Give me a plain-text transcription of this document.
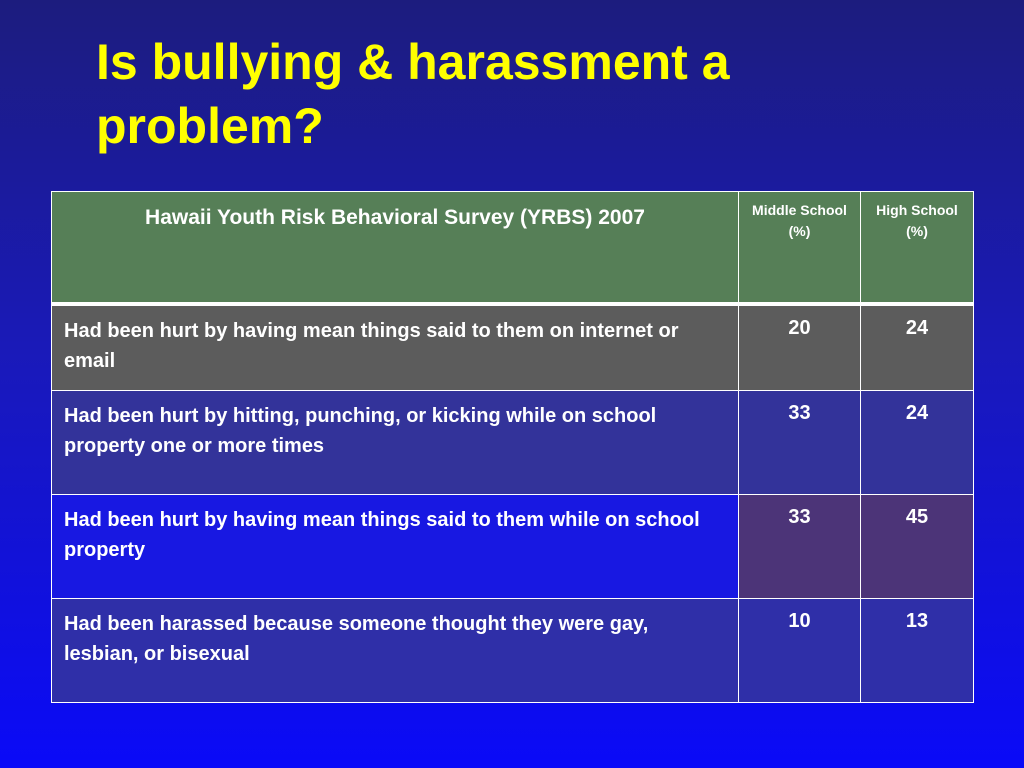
Is bullying & harassment a problem?
Hawaii Youth Risk Behavioral Survey (YRBS) 2007	Middle School (%)	High School (%)
Had been hurt by having mean things said to them on internet or email	20	24
Had been hurt by hitting, punching, or kicking while on school property one or more times	33	24
Had been hurt by having mean things said to them while on school property	33	45
Had been harassed because someone thought they were gay, lesbian, or bisexual	10	13
